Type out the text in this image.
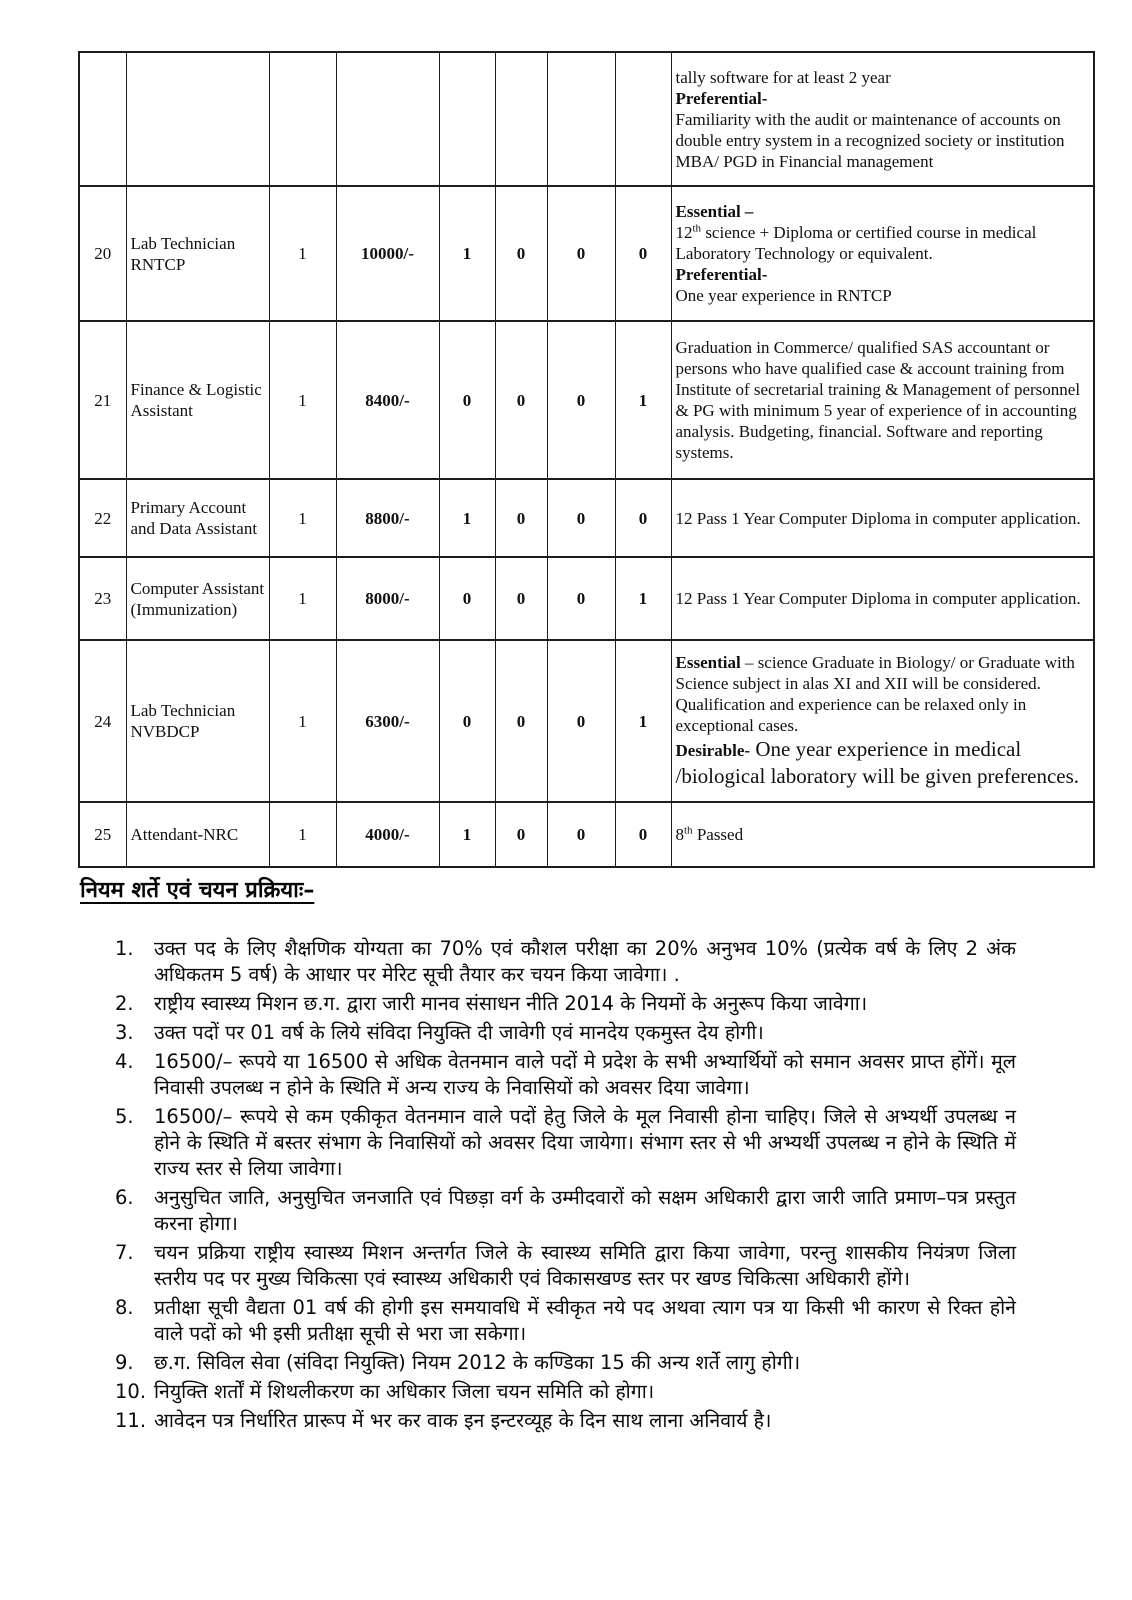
								tally software for at least 2 year
Preferential-
Familiarity with the audit or maintenance of accounts on double entry system in a recognized society or institution
MBA/ PGD in Financial management

20	Lab Technician RNTCP	1	10000/-	1	0	0	0	Essential –
12th science + Diploma or certified course in medical Laboratory Technology or equivalent.
Preferential-
One year experience in RNTCP

21	Finance & Logistic Assistant	1	8400/-	0	0	0	1	Graduation in Commerce/ qualified SAS accountant or persons who have qualified case & account training from Institute of secretarial training & Management of personnel & PG with minimum 5 year of experience of in accounting analysis. Budgeting, financial. Software and reporting systems.

22	Primary Account and Data Assistant	1	8800/-	1	0	0	0	12 Pass 1 Year Computer Diploma in computer application.

23	Computer Assistant (Immunization)	1	8000/-	0	0	0	1	12 Pass 1 Year Computer Diploma in computer application.

24	Lab Technician NVBDCP	1	6300/-	0	0	0	1	Essential – science Graduate in Biology/ or Graduate with Science subject in alas XI and XII will be considered. Qualification and experience can be relaxed only in exceptional cases.
Desirable- One year experience in medical /biological laboratory will be given preferences.

25	Attendant-NRC	1	4000/-	1	0	0	0	8th Passed
नियम शर्ते एवं चयन प्रक्रियाः–
1.	उक्त पद के लिए शैक्षणिक योग्यता का 70% एवं कौशल परीक्षा का 20% अनुभव 10% (प्रत्येक वर्ष के लिए 2 अंक अधिकतम 5 वर्ष) के आधार पर मेरिट सूची तैयार कर चयन किया जावेगा। .
2.	राष्ट्रीय स्वास्थ्य मिशन छ.ग. द्वारा जारी मानव संसाधन नीति 2014 के नियमों के अनुरूप किया जावेगा।
3.	उक्त पदों पर 01 वर्ष के लिये संविदा नियुक्ति दी जावेगी एवं मानदेय एकमुस्त देय होगी।
4.	16500/– रूपये या 16500 से अधिक वेतनमान वाले पदों मे प्रदेश के सभी अभ्यार्थियों को समान अवसर प्राप्त होंगें। मूल निवासी उपलब्ध न होने के स्थिति में अन्य राज्य के निवासियों को अवसर दिया जावेगा।
5.	16500/– रूपये से कम एकीकृत वेतनमान वाले पदों हेतु जिले के मूल निवासी होना चाहिए। जिले से अभ्यर्थी उपलब्ध न होने के स्थिति में बस्तर संभाग के निवासियों को अवसर दिया जायेगा। संभाग स्तर से भी अभ्यर्थी उपलब्ध न होने के स्थिति में राज्य स्तर से लिया जावेगा।
6.	अनुसुचित जाति, अनुसुचित जनजाति एवं पिछड़ा वर्ग के उम्मीदवारों को सक्षम अधिकारी द्वारा जारी जाति प्रमाण–पत्र प्रस्तुत करना होगा।
7.	चयन प्रक्रिया राष्ट्रीय स्वास्थ्य मिशन अन्तर्गत जिले के स्वास्थ्य समिति द्वारा किया जावेगा, परन्तु शासकीय नियंत्रण जिला स्तरीय पद पर मुख्य चिकित्सा एवं स्वास्थ्य अधिकारी एवं विकासखण्ड स्तर पर खण्ड चिकित्सा अधिकारी होंगे।
8.	प्रतीक्षा सूची वैद्यता 01 वर्ष की होगी इस समयावधि में स्वीकृत नये पद अथवा त्याग पत्र या किसी भी कारण से रिक्त होने वाले पदों को भी इसी प्रतीक्षा सूची से भरा जा सकेगा।
9.	छ.ग. सिविल सेवा (संविदा नियुक्ति) नियम 2012 के कण्डिका 15 की अन्य शर्ते लागु होगी।
10. नियुक्ति शर्तों में शिथलीकरण का अधिकार जिला चयन समिति को होगा।
11. आवेदन पत्र निर्धारित प्रारूप में भर कर वाक इन इन्टरव्यूह के दिन साथ लाना अनिवार्य है।
